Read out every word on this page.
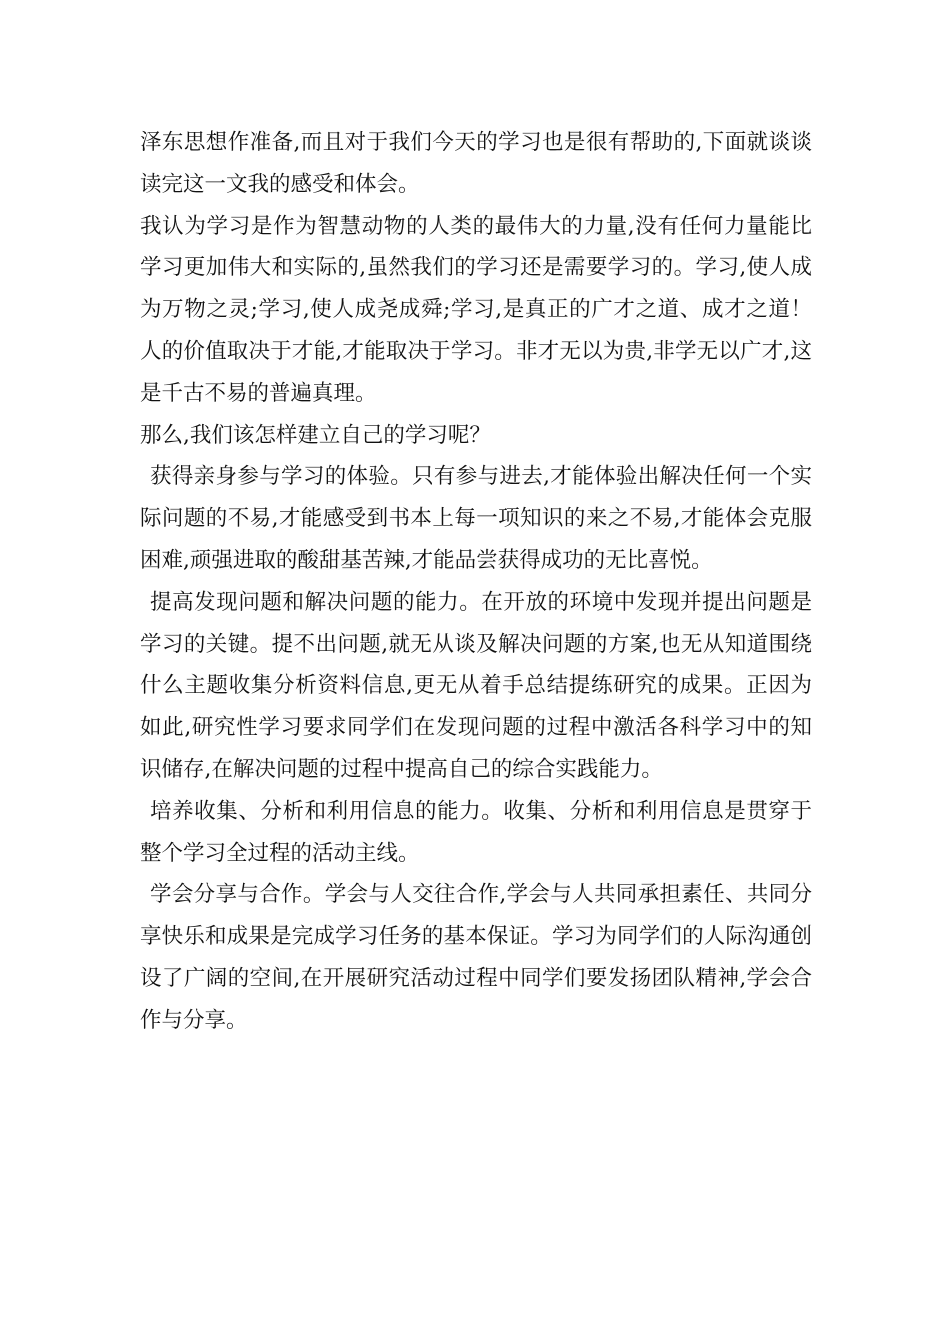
泽东思想作准备,而且对于我们今天的学习也是很有帮助的,下面就谈谈读完这一文我的感受和体会。

我认为学习是作为智慧动物的人类的最伟大的力量,没有任何力量能比学习更加伟大和实际的,虽然我们的学习还是需要学习的。学习,使人成为万物之灵;学习,使人成尧成舜;学习,是真正的广才之道、成才之道！人的价值取决于才能,才能取决于学习。非才无以为贵,非学无以广才,这是千古不易的普遍真理。

那么,我们该怎样建立自己的学习呢？

获得亲身参与学习的体验。只有参与进去,才能体验出解决任何一个实际问题的不易,才能感受到书本上每一项知识的来之不易,才能体会克服困难,顽强进取的酸甜基苦辣,才能品尝获得成功的无比喜悦。

提高发现问题和解决问题的能力。在开放的环境中发现并提出问题是学习的关键。提不出问题,就无从谈及解决问题的方案,也无从知道围绕什么主题收集分析资料信息,更无从着手总结提练研究的成果。正因为如此,研究性学习要求同学们在发现问题的过程中激活各科学习中的知识储存,在解决问题的过程中提高自己的综合实践能力。

培养收集、分析和利用信息的能力。收集、分析和利用信息是贯穿于整个学习全过程的活动主线。

学会分享与合作。学会与人交往合作,学会与人共同承担素任、共同分享快乐和成果是完成学习任务的基本保证。学习为同学们的人际沟通创设了广阔的空间,在开展研究活动过程中同学们要发扬团队精神,学会合作与分享。
